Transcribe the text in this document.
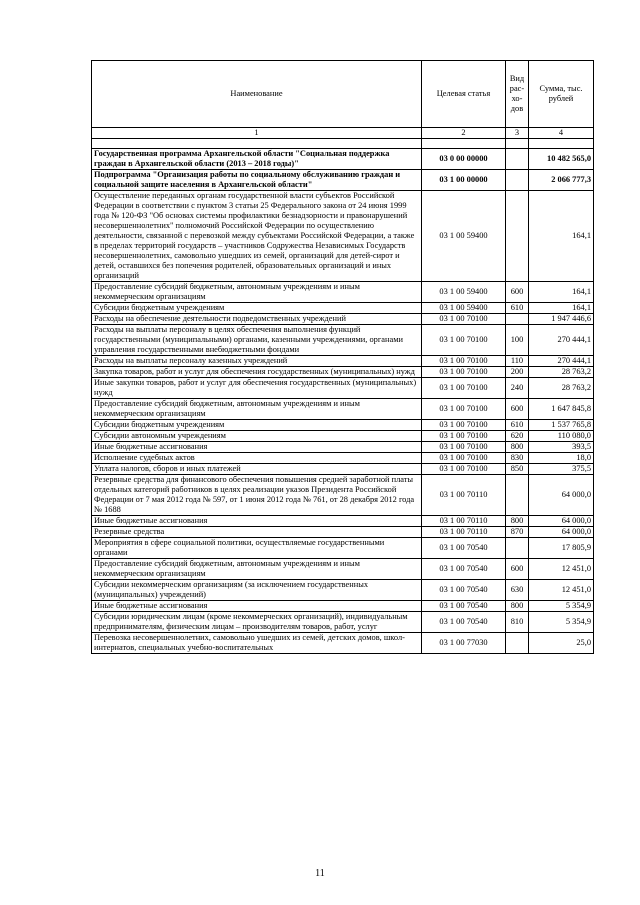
Наименование	Целевая статья	Вид рас-хо-дов	Сумма, тыс. рублей
1	2	3	4

Государственная программа Архангельской области "Социальная поддержка граждан в Архангельской области (2013 – 2018 годы)"	03 0 00 00000		10 482 565,0
Подпрограмма "Организация работы по социальному обслуживанию граждан и социальной защите населения в Архангельской области"	03 1 00 00000		2 066 777,3
Осуществление переданных органам государственной власти субъектов Российской Федерации в соответствии с пунктом 3 статьи 25 Федерального закона от 24 июня 1999 года № 120-ФЗ "Об основах системы профилактики безнадзорности и правонарушений несовершеннолетних" полномочий Российской Федерации по осуществлению деятельности, связанной с перевозкой между субъектами Российской Федерации, а также в пределах территорий государств – участников Содружества Независимых Государств несовершеннолетних, самовольно ушедших из семей, организаций для детей-сирот и детей, оставшихся без попечения родителей, образовательных организаций и иных организаций	03 1 00 59400		164,1
Предоставление субсидий бюджетным, автономным учреждениям и иным некоммерческим организациям	03 1 00 59400	600	164,1
Субсидии бюджетным учреждениям	03 1 00 59400	610	164,1
Расходы на обеспечение деятельности подведомственных учреждений	03 1 00 70100		1 947 446,6
Расходы на выплаты персоналу в целях обеспечения выполнения функций государственными (муниципальными) органами, казенными учреждениями, органами управления государственными внебюджетными фондами	03 1 00 70100	100	270 444,1
Расходы на выплаты персоналу казенных учреждений	03 1 00 70100	110	270 444,1
Закупка товаров, работ и услуг для обеспечения государственных (муниципальных) нужд	03 1 00 70100	200	28 763,2
Иные закупки товаров, работ и услуг для обеспечения государственных (муниципальных) нужд	03 1 00 70100	240	28 763,2
Предоставление субсидий бюджетным, автономным учреждениям и иным некоммерческим организациям	03 1 00 70100	600	1 647 845,8
Субсидии бюджетным учреждениям	03 1 00 70100	610	1 537 765,8
Субсидии автономным учреждениям	03 1 00 70100	620	110 080,0
Иные бюджетные ассигнования	03 1 00 70100	800	393,5
Исполнение судебных актов	03 1 00 70100	830	18,0
Уплата налогов, сборов и иных платежей	03 1 00 70100	850	375,5
Резервные средства для финансового обеспечения повышения средней заработной платы отдельных категорий работников в целях реализации указов Президента Российской Федерации от 7 мая 2012 года № 597, от 1 июня 2012 года № 761, от 28 декабря 2012 года № 1688	03 1 00 70110		64 000,0
Иные бюджетные ассигнования	03 1 00 70110	800	64 000,0
Резервные средства	03 1 00 70110	870	64 000,0
Мероприятия в сфере социальной политики, осуществляемые государственными органами	03 1 00 70540		17 805,9
Предоставление субсидий бюджетным, автономным учреждениям и иным некоммерческим организациям	03 1 00 70540	600	12 451,0
Субсидии некоммерческим организациям (за исключением государственных (муниципальных) учреждений)	03 1 00 70540	630	12 451,0
Иные бюджетные ассигнования	03 1 00 70540	800	5 354,9
Субсидии юридическим лицам (кроме некоммерческих организаций), индивидуальным предпринимателям, физическим лицам – производителям товаров, работ, услуг	03 1 00 70540	810	5 354,9
Перевозка несовершеннолетних, самовольно ушедших из семей, детских домов, школ-интернатов, специальных учебно-воспитательных	03 1 00 77030		25,0
11
